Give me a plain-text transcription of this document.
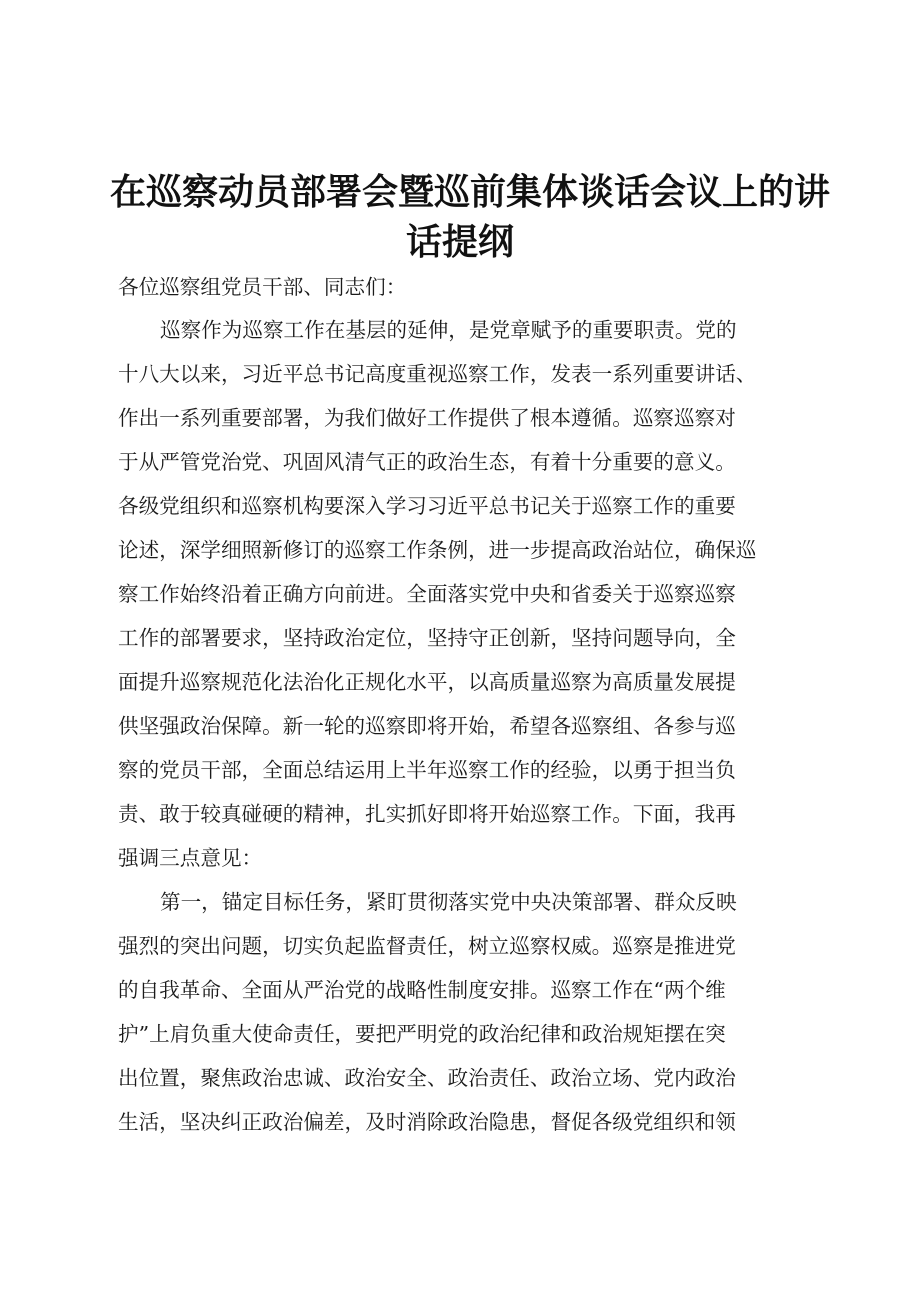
在巡察动员部署会暨巡前集体谈话会议上的讲
话提纲

各位巡察组党员干部、同志们：

巡察作为巡察工作在基层的延伸，是党章赋予的重要职责。党的

十八大以来，习近平总书记高度重视巡察工作，发表一系列重要讲话、

作出一系列重要部署，为我们做好工作提供了根本遵循。巡察巡察对

于从严管党治党、巩固风清气正的政治生态，有着十分重要的意义。

各级党组织和巡察机构要深入学习习近平总书记关于巡察工作的重要

论述，深学细照新修订的巡察工作条例，进一步提高政治站位，确保巡

察工作始终沿着正确方向前进。全面落实党中央和省委关于巡察巡察

工作的部署要求，坚持政治定位，坚持守正创新，坚持问题导向，全

面提升巡察规范化法治化正规化水平，以高质量巡察为高质量发展提

供坚强政治保障。新一轮的巡察即将开始，希望各巡察组、各参与巡

察的党员干部，全面总结运用上半年巡察工作的经验，以勇于担当负

责、敢于较真碰硬的精神，扎实抓好即将开始巡察工作。下面，我再

强调三点意见：

第一，锚定目标任务，紧盯贯彻落实党中央决策部署、群众反映

强烈的突出问题，切实负起监督责任，树立巡察权威。巡察是推进党

的自我革命、全面从严治党的战略性制度安排。巡察工作在“两个维

护”上肩负重大使命责任，要把严明党的政治纪律和政治规矩摆在突

出位置，聚焦政治忠诚、政治安全、政治责任、政治立场、党内政治

生活，坚决纠正政治偏差，及时消除政治隐患，督促各级党组织和领
